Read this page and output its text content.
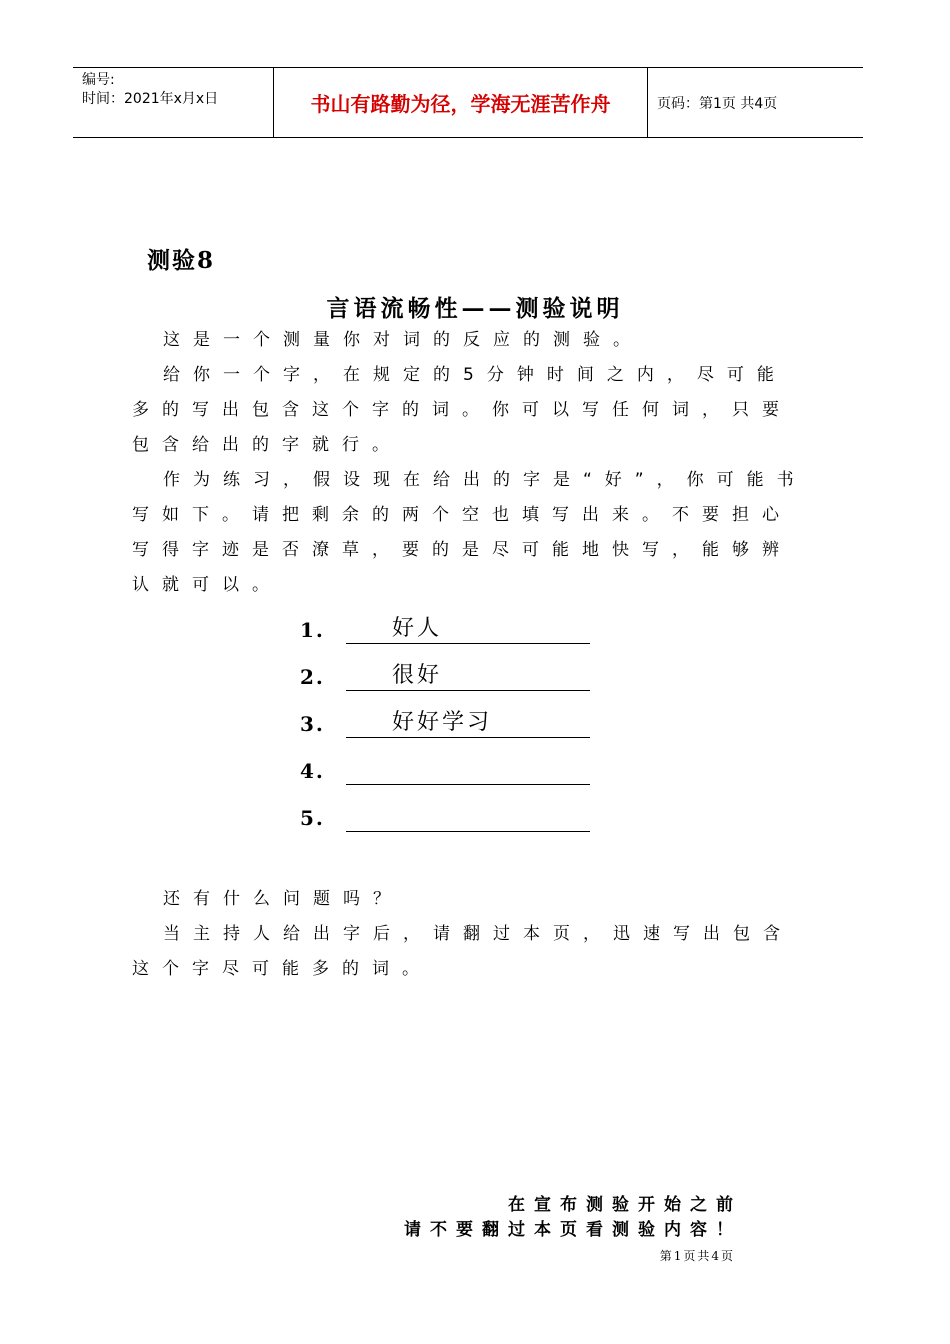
编号:
时间：2021年x月x日	书山有路勤为径，学海无涯苦作舟	页码：第1页 共4页
测验8
言语流畅性——测验说明
这是一个测量你对词的反应的测验。
给你一个字，在规定的5分钟时间之内，尽可能多的写出包含这个字的词。你可以写任何词，只要包含给出的字就行。
作为练习，假设现在给出的字是“好”，你可能书写如下。请把剩余的两个空也填写出来。不要担心写得字迹是否潦草，要的是尽可能地快写，能够辨认就可以。
1.	好人
2.	很好
3.	好好学习
4.
5.
还有什么问题吗？
当主持人给出字后，请翻过本页，迅速写出包含这个字尽可能多的词。
在宣布测验开始之前
请不要翻过本页看测验内容！
第1页共4页
